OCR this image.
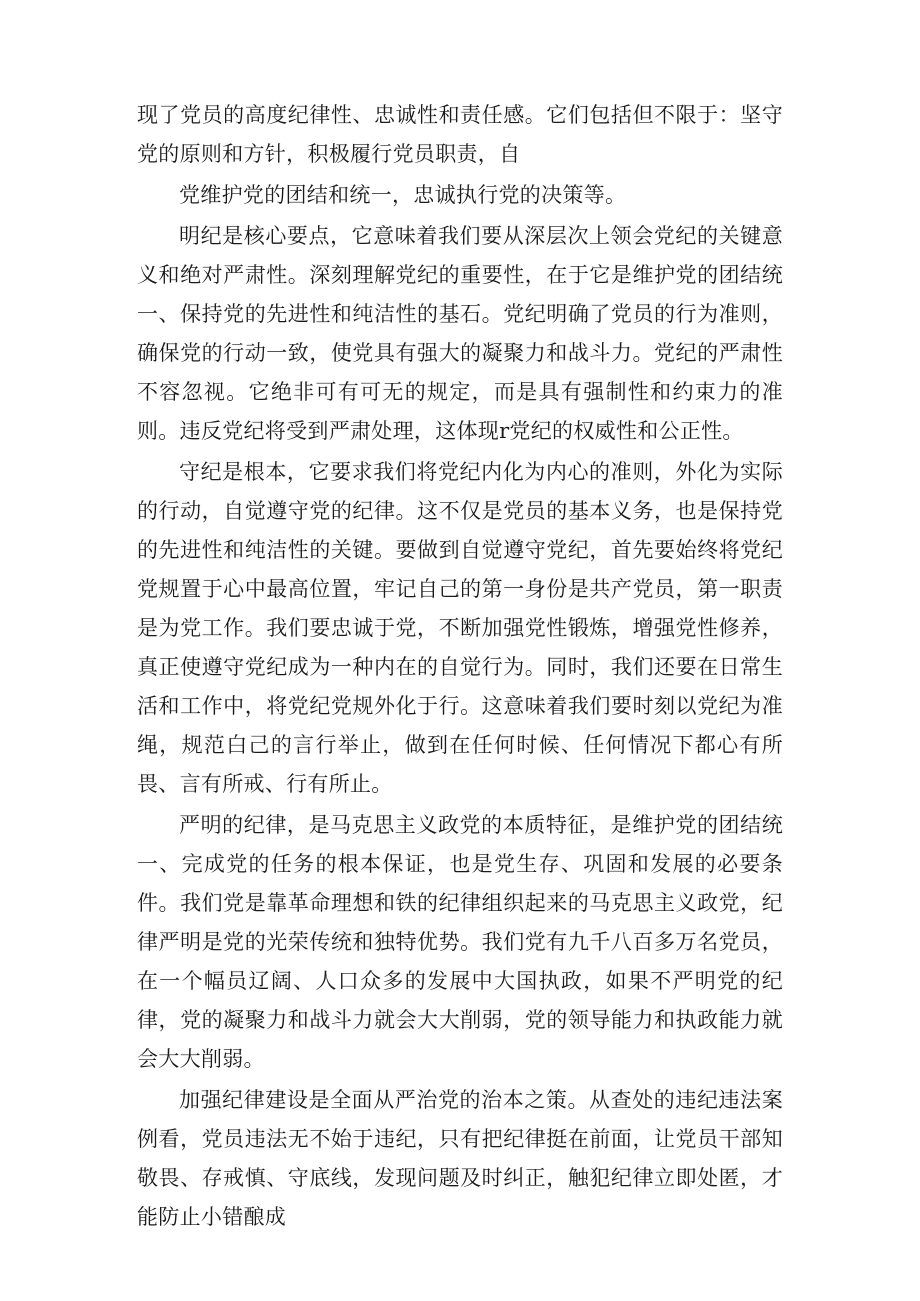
现了党员的高度纪律性、忠诚性和责任感。它们包括但不限于：坚守党的原则和方针，积极履行党员职责，自

党维护党的团结和统一，忠诚执行党的决策等。

明纪是核心要点，它意味着我们要从深层次上领会党纪的关键意义和绝对严肃性。深刻理解党纪的重要性，在于它是维护党的团结统一、保持党的先进性和纯洁性的基石。党纪明确了党员的行为准则，确保党的行动一致，使党具有强大的凝聚力和战斗力。党纪的严肃性不容忽视。它绝非可有可无的规定，而是具有强制性和约束力的准则。违反党纪将受到严肃处理，这体现r党纪的权威性和公正性。

守纪是根本，它要求我们将党纪内化为内心的准则，外化为实际的行动，自觉遵守党的纪律。这不仅是党员的基本义务，也是保持党的先进性和纯洁性的关键。要做到自觉遵守党纪，首先要始终将党纪党规置于心中最高位置，牢记自己的第一身份是共产党员，第一职责是为党工作。我们要忠诚于党，不断加强党性锻炼，增强党性修养，真正使遵守党纪成为一种内在的自觉行为。同时，我们还要在日常生活和工作中，将党纪党规外化于行。这意味着我们要时刻以党纪为准绳，规范白己的言行举止，做到在任何时候、任何情况下都心有所畏、言有所戒、行有所止。

严明的纪律，是马克思主义政党的本质特征，是维护党的团结统一、完成党的任务的根本保证，也是党生存、巩固和发展的必要条件。我们党是靠革命理想和铁的纪律组织起来的马克思主义政党，纪律严明是党的光荣传统和独特优势。我们党有九千八百多万名党员，在一个幅员辽阔、人口众多的发展中大国执政，如果不严明党的纪律，党的凝聚力和战斗力就会大大削弱，党的领导能力和执政能力就会大大削弱。

加强纪律建设是全面从严治党的治本之策。从查处的违纪违法案例看，党员违法无不始于违纪，只有把纪律挺在前面，让党员干部知敬畏、存戒慎、守底线，发现问题及时纠正，触犯纪律立即处匿，才能防止小错酿成
